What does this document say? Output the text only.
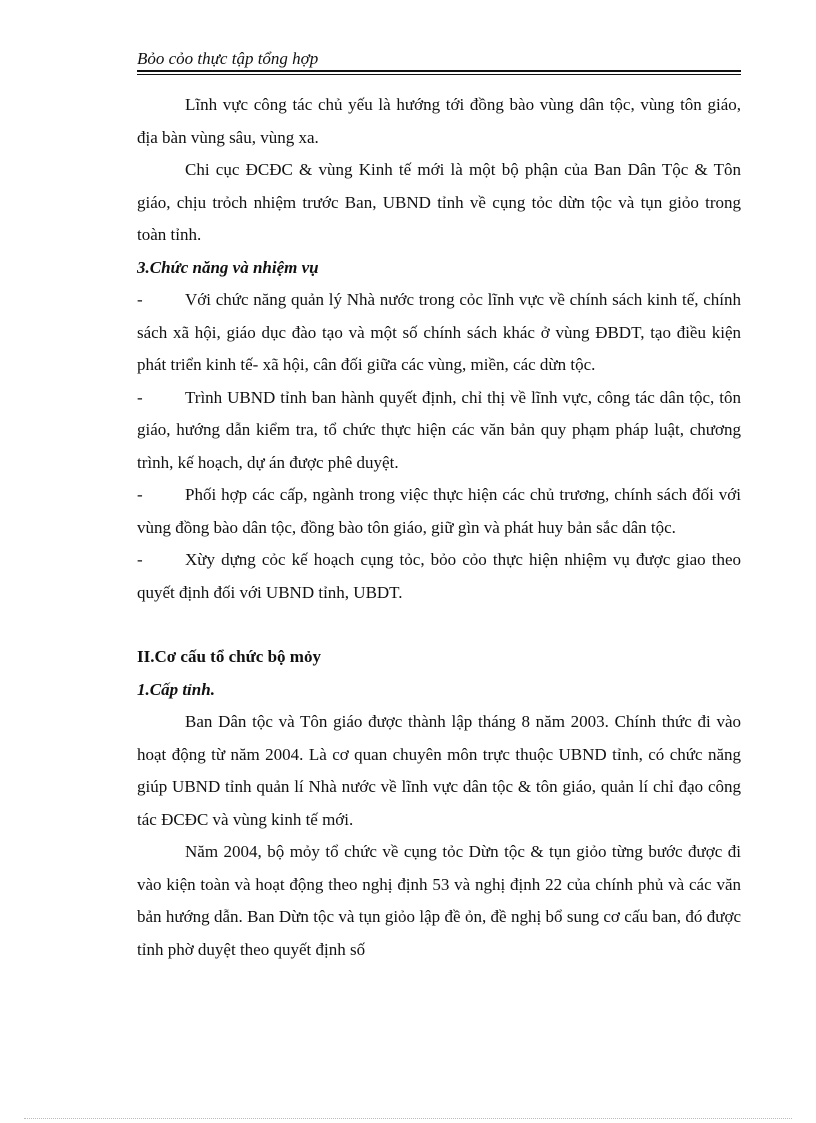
Bỏo cỏo thực tập tổng hợp

Lĩnh vực công tác chủ yếu là hướng tới đồng bào vùng dân tộc, vùng tôn giáo, địa bàn vùng sâu, vùng xa.

Chi cục ĐCĐC & vùng Kinh tế mới là một bộ phận của Ban Dân Tộc & Tôn giáo, chịu trỏch nhiệm trước Ban, UBND tỉnh về cụng tỏc dừn tộc và tụn giỏo trong toàn tỉnh.

3.Chức năng và nhiệm vụ

- Với chức năng quản lý Nhà nước trong cỏc lĩnh vực về chính sách kinh tế, chính sách xã hội, giáo dục đào tạo và một số chính sách khác ở vùng ĐBDT, tạo điều kiện phát triển kinh tế- xã hội, cân đối giữa các vùng, miền, các dừn tộc.

- Trình UBND tỉnh ban hành quyết định, chỉ thị về lĩnh vực, công tác dân tộc, tôn giáo, hướng dẫn kiểm tra, tổ chức thực hiện các văn bản quy phạm pháp luật, chương trình, kế hoạch, dự án được phê duyệt.

- Phối hợp các cấp, ngành trong việc thực hiện các chủ trương, chính sách đối với vùng đồng bào dân tộc, đồng bào tôn giáo, giữ gìn và phát huy bản sắc dân tộc.

- Xừy dựng cỏc kế hoạch cụng tỏc, bỏo cỏo thực hiện nhiệm vụ được giao theo quyết định đối với UBND tỉnh, UBDT.

II.Cơ cấu tổ chức bộ mỏy

1.Cấp tỉnh.

Ban Dân tộc và Tôn giáo được thành lập tháng 8 năm 2003. Chính thức đi vào hoạt động từ năm 2004. Là cơ quan chuyên môn trực thuộc UBND tỉnh, có chức năng giúp UBND tỉnh quản lí Nhà nước về lĩnh vực dân tộc & tôn giáo, quản lí chỉ đạo công tác ĐCĐC và vùng kinh tế mới.

Năm 2004, bộ mỏy tổ chức về cụng tỏc Dừn tộc & tụn giỏo từng bước được đi vào kiện toàn và hoạt động theo nghị định 53 và nghị định 22 của chính phủ và các văn bản hướng dẫn. Ban Dừn tộc và tụn giỏo lập đề ỏn, đề nghị bổ sung cơ cấu ban, đó được tỉnh phờ duyệt theo quyết định số
